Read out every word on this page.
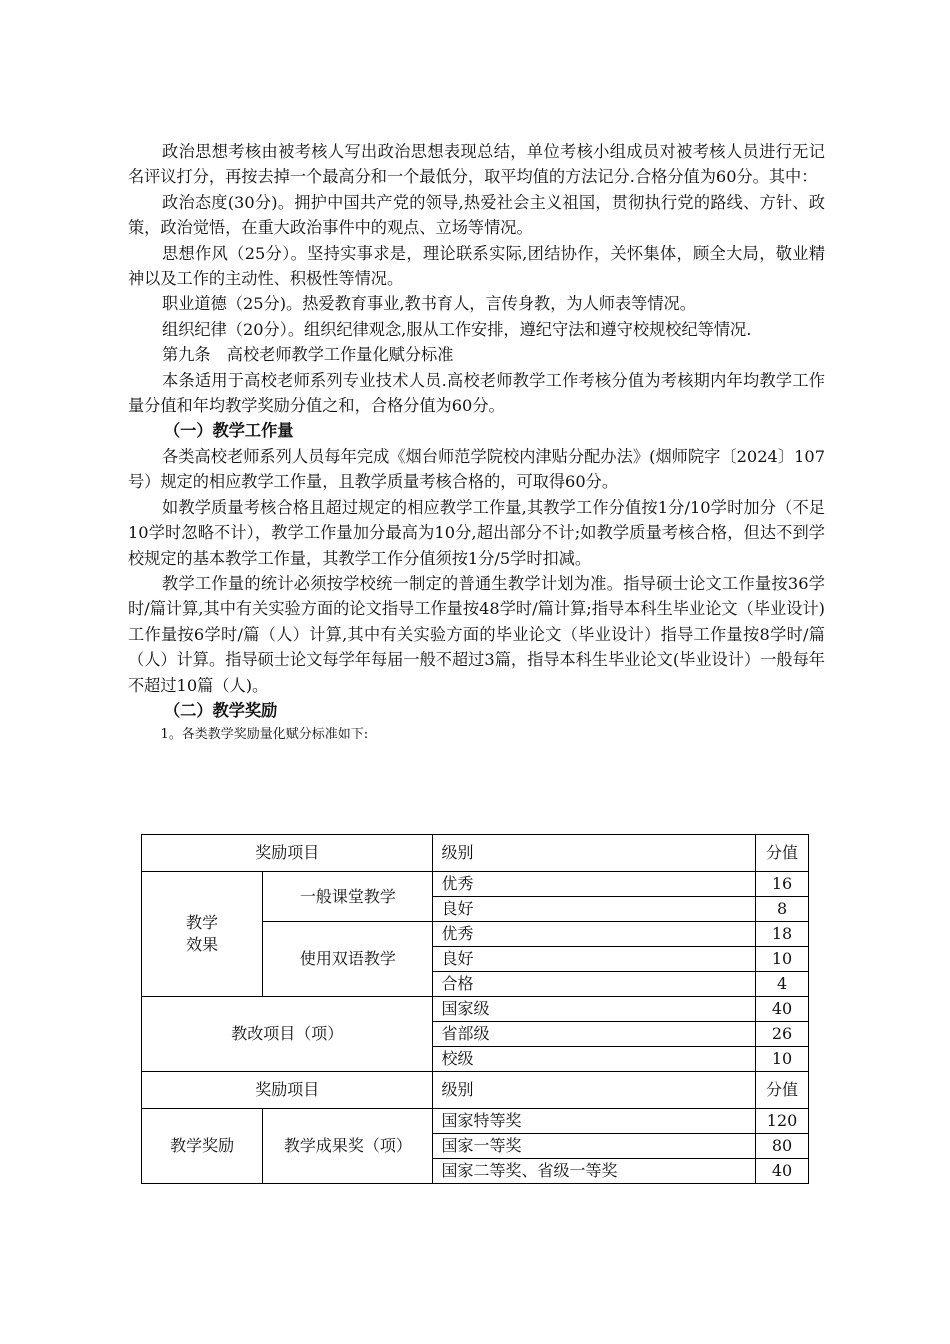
政治思想考核由被考核人写出政治思想表现总结，单位考核小组成员对被考核人员进行无记名评议打分，再按去掉一个最高分和一个最低分，取平均值的方法记分.合格分值为60分。其中：

政治态度(30分)。拥护中国共产党的领导,热爱社会主义祖国，贯彻执行党的路线、方针、政策，政治觉悟，在重大政治事件中的观点、立场等情况。

思想作风（25分）。坚持实事求是，理论联系实际,团结协作，关怀集体，顾全大局，敬业精神以及工作的主动性、积极性等情况。

职业道德（25分)。热爱教育事业,教书育人，言传身教，为人师表等情况。

组织纪律（20分）。组织纪律观念,服从工作安排，遵纪守法和遵守校规校纪等情况.

第九条　高校老师教学工作量化赋分标准

本条适用于高校老师系列专业技术人员.高校老师教学工作考核分值为考核期内年均教学工作量分值和年均教学奖励分值之和，合格分值为60分。

（一）教学工作量

各类高校老师系列人员每年完成《烟台师范学院校内津贴分配办法》(烟师院字〔2024〕107号）规定的相应教学工作量，且教学质量考核合格的，可取得60分。

如教学质量考核合格且超过规定的相应教学工作量,其教学工作分值按1分/10学时加分（不足10学时忽略不计），教学工作量加分最高为10分,超出部分不计;如教学质量考核合格，但达不到学校规定的基本教学工作量，其教学工作分值须按1分/5学时扣减。

教学工作量的统计必须按学校统一制定的普通生教学计划为准。指导硕士论文工作量按36学时/篇计算,其中有关实验方面的论文指导工作量按48学时/篇计算;指导本科生毕业论文（毕业设计)工作量按6学时/篇（人）计算,其中有关实验方面的毕业论文（毕业设计）指导工作量按8学时/篇（人）计算。指导硕士论文每学年每届一般不超过3篇，指导本科生毕业论文(毕业设计）一般每年不超过10篇（人)。

（二）教学奖励

1。各类教学奖励量化赋分标准如下:

奖励项目		级别	分值
教学
效果	一般课堂教学	优秀	16
		良好	8
	使用双语教学	优秀	18
		良好	10
		合格	4
教改项目（项）		国家级	40
		省部级	26
		校级	10
奖励项目		级别	分值
教学奖励	教学成果奖（项）	国家特等奖	120
		国家一等奖	80
		国家二等奖、省级一等奖	40
